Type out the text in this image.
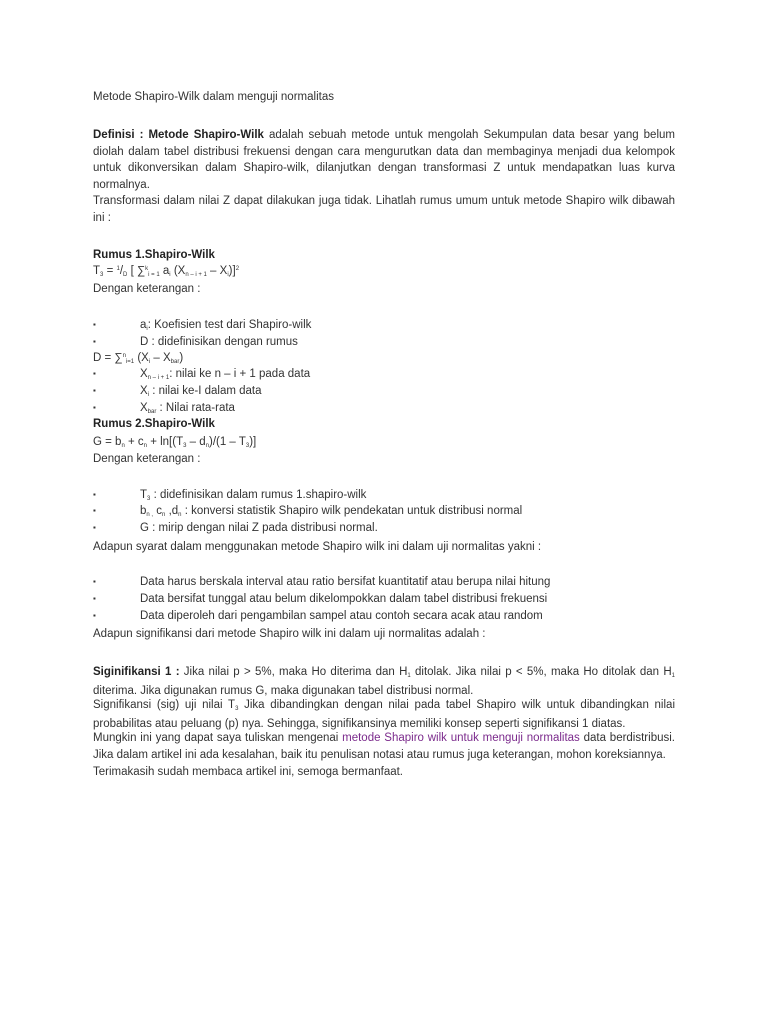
Metode Shapiro-Wilk dalam menguji normalitas
Definisi : Metode Shapiro-Wilk adalah sebuah metode untuk mengolah Sekumpulan data besar yang belum diolah dalam tabel distribusi frekuensi dengan cara mengurutkan data dan membaginya menjadi dua kelompok untuk dikonversikan dalam Shapiro-wilk, dilanjutkan dengan transformasi Z untuk mendapatkan luas kurva normalnya.
Transformasi dalam nilai Z dapat dilakukan juga tidak. Lihatlah rumus umum untuk metode Shapiro wilk dibawah ini :
Rumus 1.Shapiro-Wilk
T3 = $^1$/D [ ∑$^k$i = 1 ai (Xn – i + 1 – Xi)]$^2$
Dengan keterangan :
▪	ai: Koefisien test dari Shapiro-wilk
▪	D : didefinisikan dengan rumus
D = ∑$^n$i=1 (Xi – Xbar)
▪	Xn – i + 1: nilai ke n – i + 1 pada data
▪	Xi : nilai ke-I dalam data
▪	Xbar : Nilai rata-rata
Rumus 2.Shapiro-Wilk
G = bn + cn + ln[(T3 – dn)/(1 – T3)]
Dengan keterangan :
▪	T3 : didefinisikan dalam rumus 1.shapiro-wilk
▪	bn , cn ,dn : konversi statistik Shapiro wilk pendekatan untuk distribusi normal
▪	G : mirip dengan nilai Z pada distribusi normal.
Adapun syarat dalam menggunakan metode Shapiro wilk ini dalam uji normalitas yakni :
▪	Data harus berskala interval atau ratio bersifat kuantitatif atau berupa nilai hitung
▪	Data bersifat tunggal atau belum dikelompokkan dalam tabel distribusi frekuensi
▪	Data diperoleh dari pengambilan sampel atau contoh secara acak atau random
Adapun signifikansi dari metode Shapiro wilk ini dalam uji normalitas adalah :
Siginifikansi 1 : Jika nilai p > 5%, maka Ho diterima dan H1 ditolak. Jika nilai p < 5%, maka Ho ditolak dan H1 diterima. Jika digunakan rumus G, maka digunakan tabel distribusi normal.
Signifikansi (sig) uji nilai T3 Jika dibandingkan dengan nilai pada tabel Shapiro wilk untuk dibandingkan nilai probabilitas atau peluang (p) nya. Sehingga, signifikansinya memiliki konsep seperti signifikansi 1 diatas.
Mungkin ini yang dapat saya tuliskan mengenai metode Shapiro wilk untuk menguji normalitas data berdistribusi. Jika dalam artikel ini ada kesalahan, baik itu penulisan notasi atau rumus juga keterangan, mohon koreksiannya.
Terimakasih sudah membaca artikel ini, semoga bermanfaat.
